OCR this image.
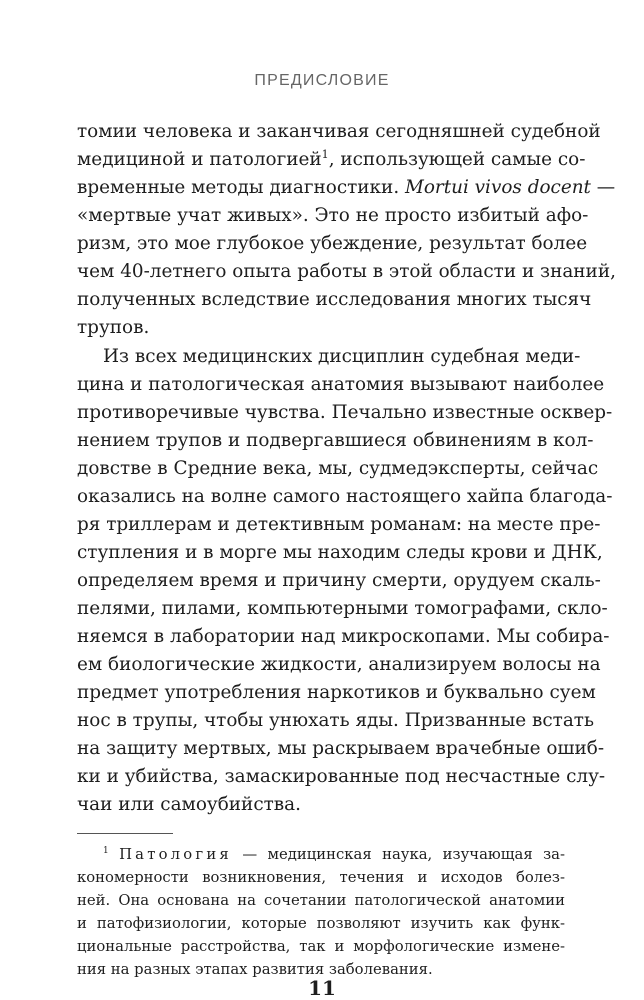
ПРЕДИСЛОВИЕ
томии человека и заканчивая сегодняшней судебной
медициной и патологией$^1$, использующей самые со-
временные методы диагностики. Mortui vivos docent —
«мертвые учат живых». Это не просто избитый афо-
ризм, это мое глубокое убеждение, результат более
чем 40-летнего опыта работы в этой области и знаний,
полученных вследствие исследования многих тысяч
трупов.
Из всех медицинских дисциплин судебная меди-
цина и патологическая анатомия вызывают наиболее
противоречивые чувства. Печально известные осквер-
нением трупов и подвергавшиеся обвинениям в кол-
довстве в Средние века, мы, судмедэксперты, сейчас
оказались на волне самого настоящего хайпа благода-
ря триллерам и детективным романам: на месте пре-
ступления и в морге мы находим следы крови и ДНК,
определяем время и причину смерти, орудуем скаль-
пелями, пилами, компьютерными томографами, скло-
няемся в лаборатории над микроскопами. Мы собира-
ем биологические жидкости, анализируем волосы на
предмет употребления наркотиков и буквально суем
нос в трупы, чтобы унюхать яды. Призванные встать
на защиту мертвых, мы раскрываем врачебные ошиб-
ки и убийства, замаскированные под несчастные слу-
чаи или самоубийства.
$^1$ Патология — медицинская наука, изучающая за-
кономерности возникновения, течения и исходов болез-
ней. Она основана на сочетании патологической анатомии
и патофизиологии, которые позволяют изучить как функ-
циональные расстройства, так и морфологические измене-
ния на разных этапах развития заболевания.
11
